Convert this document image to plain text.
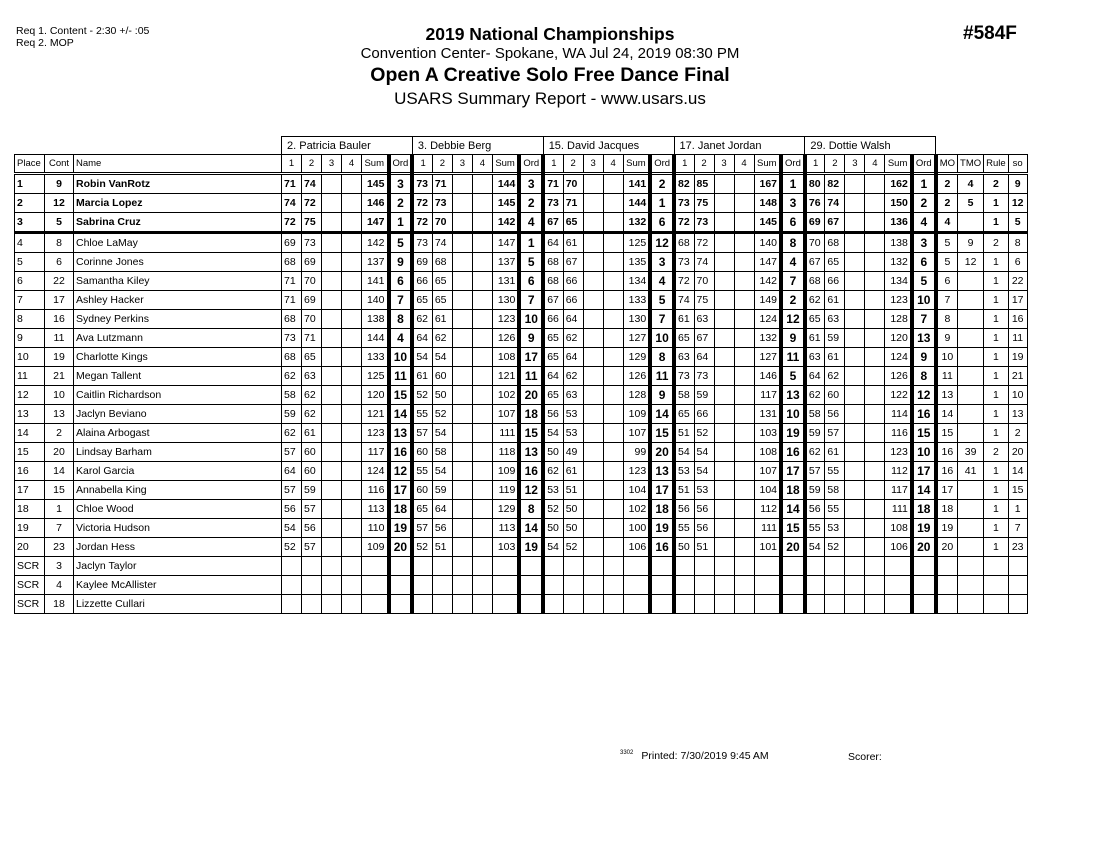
Req 1. Content - 2:30 +/- :05
Req 2. MOP	#584F
2019 National Championships
Convention Center- Spokane, WA Jul 24, 2019 08:30 PM
Open A Creative Solo Free Dance Final
USARS Summary Report - www.usars.us
			2. Patricia Bauler						3. Debbie Berg						15. David Jacques						17. Janet Jordan						29. Dottie Walsh									
Place	Cont	Name	1	2	3	4	Sum	Ord	1	2	3	4	Sum	Ord	1	2	3	4	Sum	Ord	1	2	3	4	Sum	Ord	1	2	3	4	Sum	Ord	MO	TMO	Rule	so
1	9	Robin VanRotz	71	74			145	3	73	71			144	3	71	70			141	2	82	85			167	1	80	82			162	1	2	4	2	9
2	12	Marcia Lopez	74	72			146	2	72	73			145	2	73	71			144	1	73	75			148	3	76	74			150	2	2	5	1	12
3	5	Sabrina Cruz	72	75			147	1	72	70			142	4	67	65			132	6	72	73			145	6	69	67			136	4	4		1	5
4	8	Chloe LaMay	69	73			142	5	73	74			147	1	64	61			125	12	68	72			140	8	70	68			138	3	5	9	2	8
5	6	Corinne Jones	68	69			137	9	69	68			137	5	68	67			135	3	73	74			147	4	67	65			132	6	5	12	1	6
6	22	Samantha Kiley	71	70			141	6	66	65			131	6	68	66			134	4	72	70			142	7	68	66			134	5	6		1	22
7	17	Ashley Hacker	71	69			140	7	65	65			130	7	67	66			133	5	74	75			149	2	62	61			123	10	7		1	17
8	16	Sydney Perkins	68	70			138	8	62	61			123	10	66	64			130	7	61	63			124	12	65	63			128	7	8		1	16
9	11	Ava Lutzmann	73	71			144	4	64	62			126	9	65	62			127	10	65	67			132	9	61	59			120	13	9		1	11
10	19	Charlotte Kings	68	65			133	10	54	54			108	17	65	64			129	8	63	64			127	11	63	61			124	9	10		1	19
11	21	Megan Tallent	62	63			125	11	61	60			121	11	64	62			126	11	73	73			146	5	64	62			126	8	11		1	21
12	10	Caitlin Richardson	58	62			120	15	52	50			102	20	65	63			128	9	58	59			117	13	62	60			122	12	13		1	10
13	13	Jaclyn Beviano	59	62			121	14	55	52			107	18	56	53			109	14	65	66			131	10	58	56			114	16	14		1	13
14	2	Alaina Arbogast	62	61			123	13	57	54			111	15	54	53			107	15	51	52			103	19	59	57			116	15	15		1	2
15	20	Lindsay Barham	57	60			117	16	60	58			118	13	50	49			99	20	54	54			108	16	62	61			123	10	16	39	2	20
16	14	Karol Garcia	64	60			124	12	55	54			109	16	62	61			123	13	53	54			107	17	57	55			112	17	16	41	1	14
17	15	Annabella King	57	59			116	17	60	59			119	12	53	51			104	17	51	53			104	18	59	58			117	14	17		1	15
18	1	Chloe Wood	56	57			113	18	65	64			129	8	52	50			102	18	56	56			112	14	56	55			111	18	18		1	1
19	7	Victoria Hudson	54	56			110	19	57	56			113	14	50	50			100	19	55	56			111	15	55	53			108	19	19		1	7
20	23	Jordan Hess	52	57			109	20	52	51			103	19	54	52			106	16	50	51			101	20	54	52			106	20	20		1	23
SCR	3	Jaclyn Taylor																																		
SCR	4	Kaylee McAllister																																		
SCR	18	Lizzette Cullari																																		
$^{3302}$ Printed: 7/30/2019 9:45 AM	Scorer:
